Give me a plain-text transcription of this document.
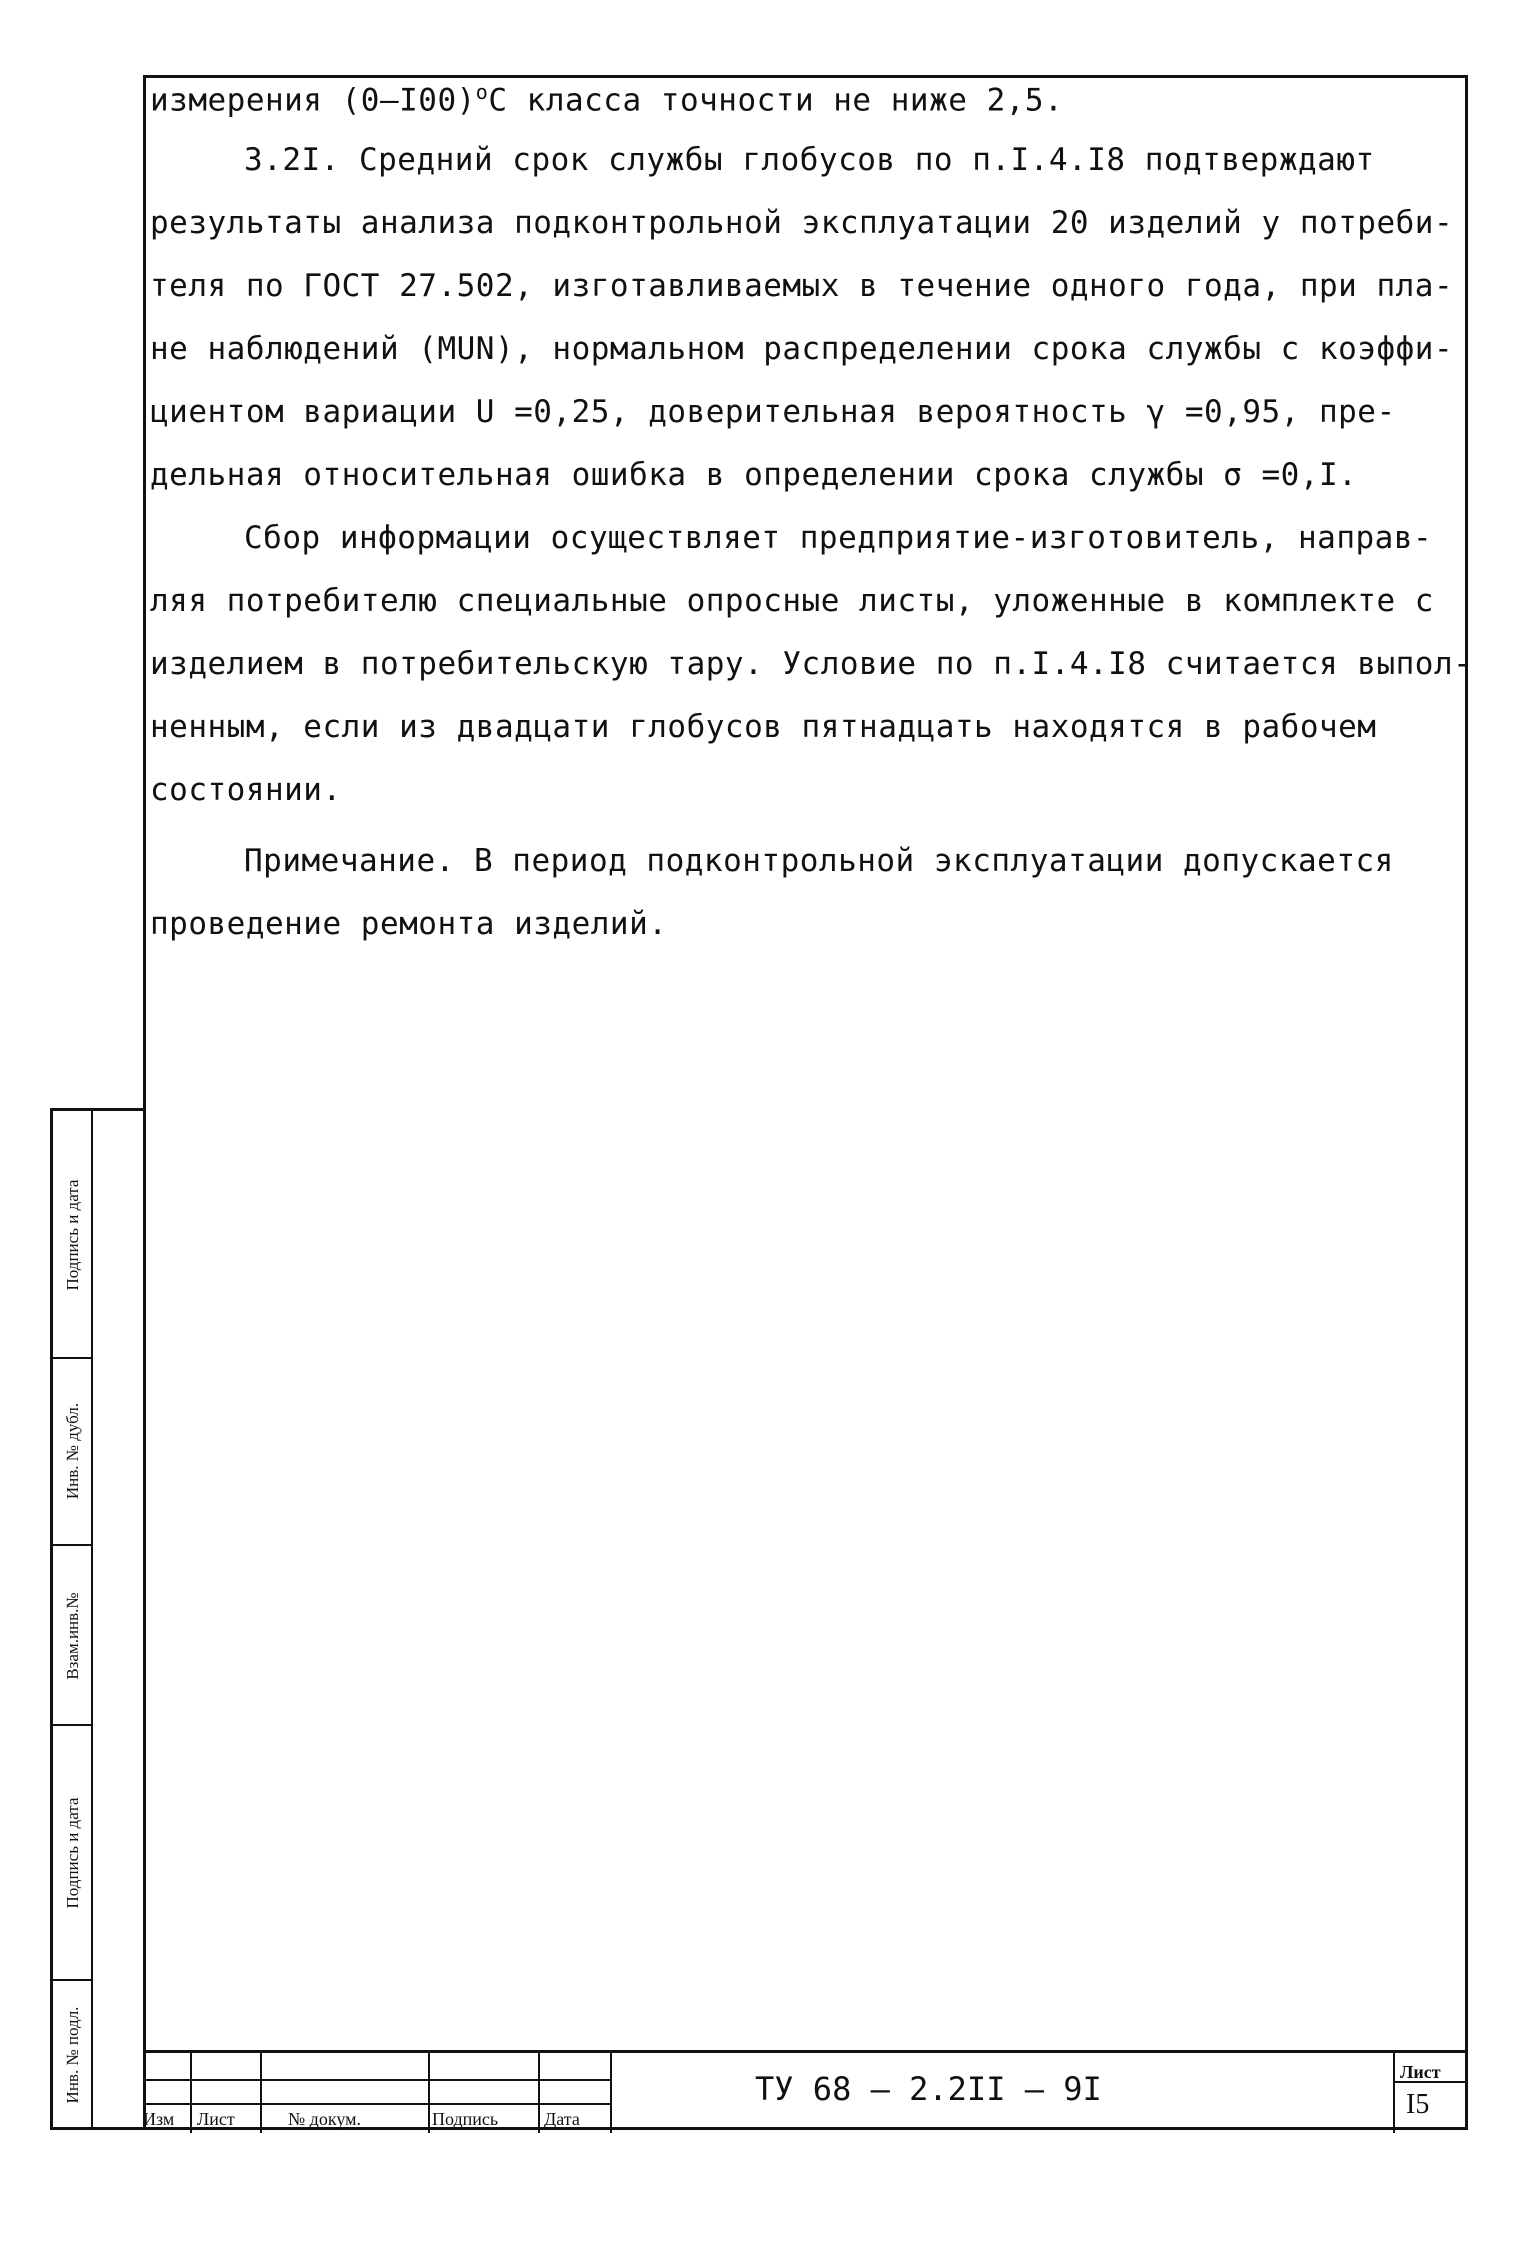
измерения $(0-I00)^oC$ класса точности не ниже 2,5.
3.2I. Средний срок службы глобусов по п.I.4.I8 подтверждают
результаты анализа подконтрольной эксплуатации 20 изделий у потреби-
теля по ГОСТ 27.502, изготавливаемых в течение одного года, при пла-
не наблюдений (MUN), нормальном распределении срока службы с коэффи-
циентом вариации U =0,25, доверительная вероятность γ =0,95, пре-
дельная относительная ошибка в определении срока службы σ =0,I.
Сбор информации осуществляет предприятие-изготовитель, направ-
ляя потребителю специальные опросные листы, уложенные в комплекте с
изделием в потребительскую тару. Условие по п.I.4.I8 считается выпол-
ненным, если из двадцати глобусов пятнадцать находятся в рабочем
состоянии.
Примечание. В период подконтрольной эксплуатации допускается
проведение ремонта изделий.
Подпись и дата
Инв. № дубл.
Взам.инв.№
Подпись и дата
Инв. № подл.
Изм Лист	№ докум.	Подпись	Дата
ТУ 68 – 2.2II – 9I	Лист
I5
